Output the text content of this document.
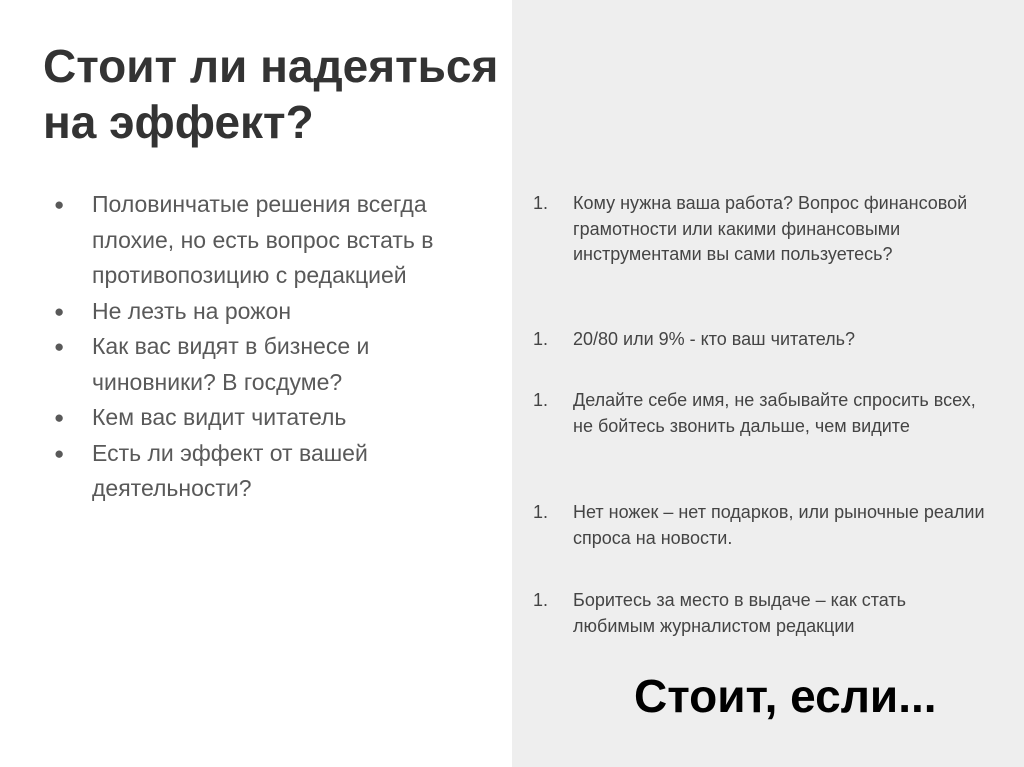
Стоит ли надеяться
на эффект?
● Половинчатые решения всегда плохие, но есть вопрос встать в противопозицию с редакцией
● Не лезть на рожон
● Как вас видят в бизнесе и чиновники? В госдуме?
● Кем вас видит читатель
● Есть ли эффект от вашей деятельности?
1.	Кому нужна ваша работа? Вопрос финансовой грамотности или какими финансовыми инструментами вы сами пользуетесь?
1.	20/80 или 9% - кто ваш читатель?
1.	Делайте себе имя, не забывайте спросить всех, не бойтесь звонить дальше, чем видите
1.	Нет ножек – нет подарков, или рыночные реалии спроса на новости.
1.	Боритесь за место в выдаче – как стать любимым журналистом редакции
Стоит, если...
